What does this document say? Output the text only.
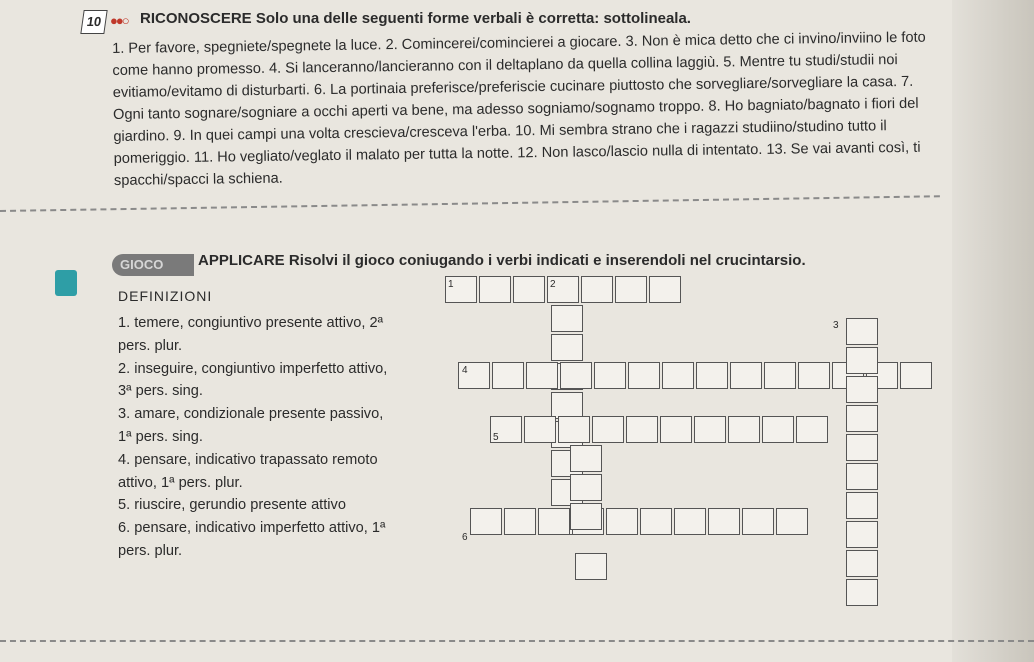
10 ●●○ RICONOSCERE Solo una delle seguenti forme verbali è corretta: sottolineala.
1. Per favore, spegniete/spegnete la luce. 2. Comincerei/comincierei a giocare. 3. Non è mica detto che ci invino/inviino le foto come hanno promesso. 4. Si lanceranno/lancieranno con il deltaplano da quella collina laggiù. 5. Mentre tu studi/studii noi evitiamo/evitamo di disturbarti. 6. La portinaia preferisce/preferiscie cucinare piuttosto che sorvegliare/sorvegliare la casa. 7. Ogni tanto sognare/sogniare a occhi aperti va bene, ma adesso sogniamo/sognamo troppo. 8. Ho bagniato/bagnato i fiori del giardino. 9. In quei campi una volta crescieva/cresceva l'erba. 10. Mi sembra strano che i ragazzi studiino/studino tutto il pomeriggio. 11. Ho vegliato/veglato il malato per tutta la notte. 12. Non lasco/lascio nulla di intentato. 13. Se vai avanti così, ti spacchi/spacci la schiena.
GIOCO	APPLICARE Risolvi il gioco coniugando i verbi indicati e inserendoli nel crucintarsio.
DEFINIZIONI
1. temere, congiuntivo presente attivo, 2ª pers. plur.
2. inseguire, congiuntivo imperfetto attivo, 3ª pers. sing.
3. amare, condizionale presente passivo, 1ª pers. sing.
4. pensare, indicativo trapassato remoto attivo, 1ª pers. plur.
5. riuscire, gerundio presente attivo
6. pensare, indicativo imperfetto attivo, 1ª pers. plur.
1	2
4
3
5
6
